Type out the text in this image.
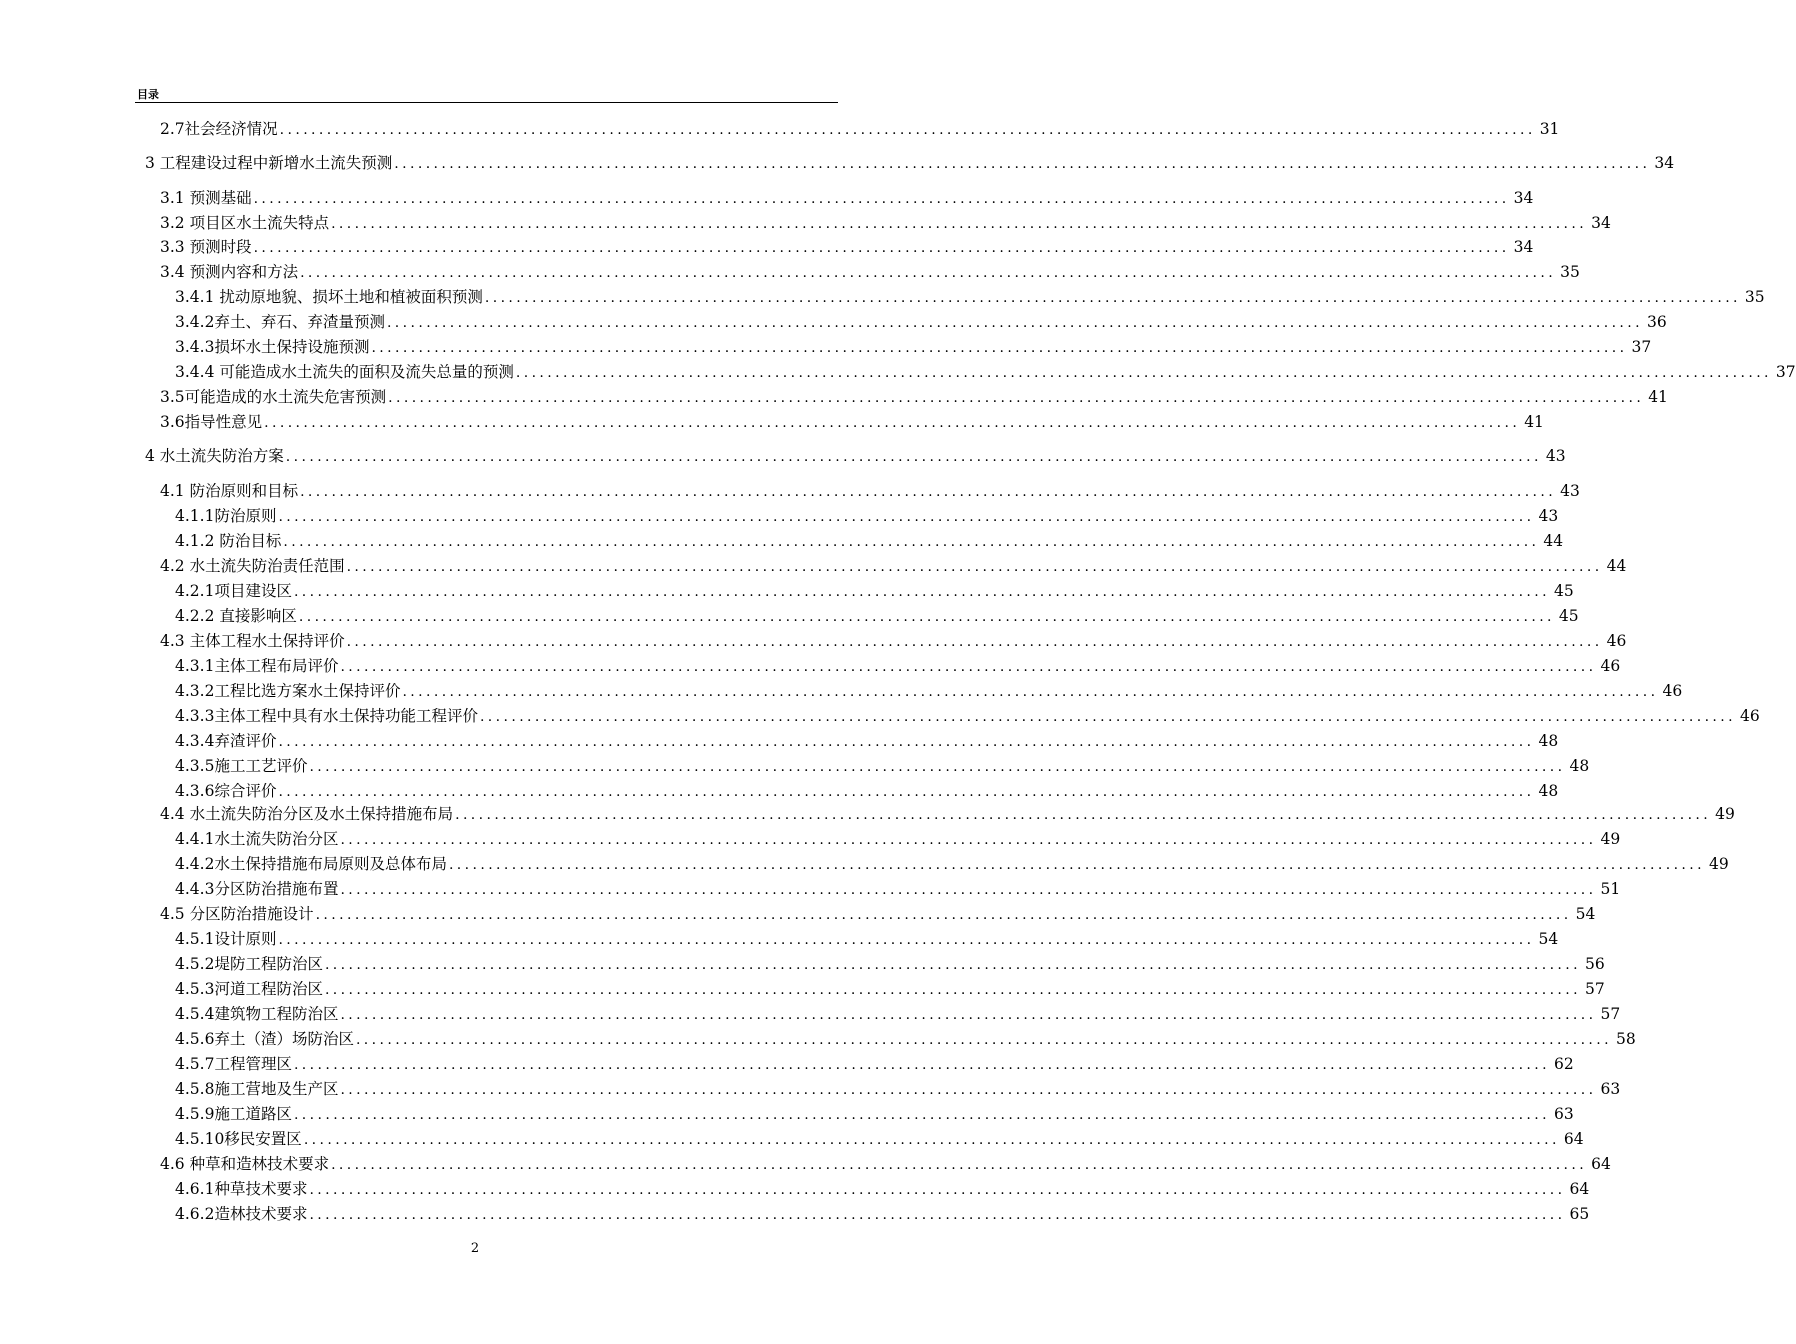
目录
2.7社会经济情况 ................................................................................................................................................................ 31
3 工程建设过程中新增水土流失预测 ................................................................................................................................................................ 34
3.1 预测基础 ................................................................................................................................................................ 34
3.2 项目区水土流失特点 ................................................................................................................................................................ 34
3.3 预测时段 ................................................................................................................................................................ 34
3.4 预测内容和方法 ................................................................................................................................................................ 35
3.4.1 扰动原地貌、损坏土地和植被面积预测 ................................................................................................................................................................ 35
3.4.2弃土、弃石、弃渣量预测 ................................................................................................................................................................ 36
3.4.3损坏水土保持设施预测 ................................................................................................................................................................ 37
3.4.4 可能造成水土流失的面积及流失总量的预测 ................................................................................................................................................................ 37
3.5可能造成的水土流失危害预测 ................................................................................................................................................................ 41
3.6指导性意见 ................................................................................................................................................................ 41
4 水土流失防治方案 ................................................................................................................................................................ 43
4.1 防治原则和目标 ................................................................................................................................................................ 43
4.1.1防治原则 ................................................................................................................................................................ 43
4.1.2 防治目标 ................................................................................................................................................................ 44
4.2 水土流失防治责任范围 ................................................................................................................................................................ 44
4.2.1项目建设区 ................................................................................................................................................................ 45
4.2.2 直接影响区 ................................................................................................................................................................ 45
4.3 主体工程水土保持评价 ................................................................................................................................................................ 46
4.3.1主体工程布局评价 ................................................................................................................................................................ 46
4.3.2工程比选方案水土保持评价 ................................................................................................................................................................ 46
4.3.3主体工程中具有水土保持功能工程评价 ................................................................................................................................................................ 46
4.3.4弃渣评价 ................................................................................................................................................................ 48
4.3.5施工工艺评价 ................................................................................................................................................................ 48
4.3.6综合评价 ................................................................................................................................................................ 48
4.4 水土流失防治分区及水土保持措施布局 ................................................................................................................................................................ 49
4.4.1水土流失防治分区 ................................................................................................................................................................ 49
4.4.2水土保持措施布局原则及总体布局 ................................................................................................................................................................ 49
4.4.3分区防治措施布置 ................................................................................................................................................................ 51
4.5 分区防治措施设计 ................................................................................................................................................................ 54
4.5.1设计原则 ................................................................................................................................................................ 54
4.5.2堤防工程防治区 ................................................................................................................................................................ 56
4.5.3河道工程防治区 ................................................................................................................................................................ 57
4.5.4建筑物工程防治区 ................................................................................................................................................................ 57
4.5.6弃土（渣）场防治区 ................................................................................................................................................................ 58
4.5.7工程管理区 ................................................................................................................................................................ 62
4.5.8施工营地及生产区 ................................................................................................................................................................ 63
4.5.9施工道路区 ................................................................................................................................................................ 63
4.5.10移民安置区 ................................................................................................................................................................ 64
4.6 种草和造林技术要求 ................................................................................................................................................................ 64
4.6.1种草技术要求 ................................................................................................................................................................ 64
4.6.2造林技术要求 ................................................................................................................................................................ 65
2
